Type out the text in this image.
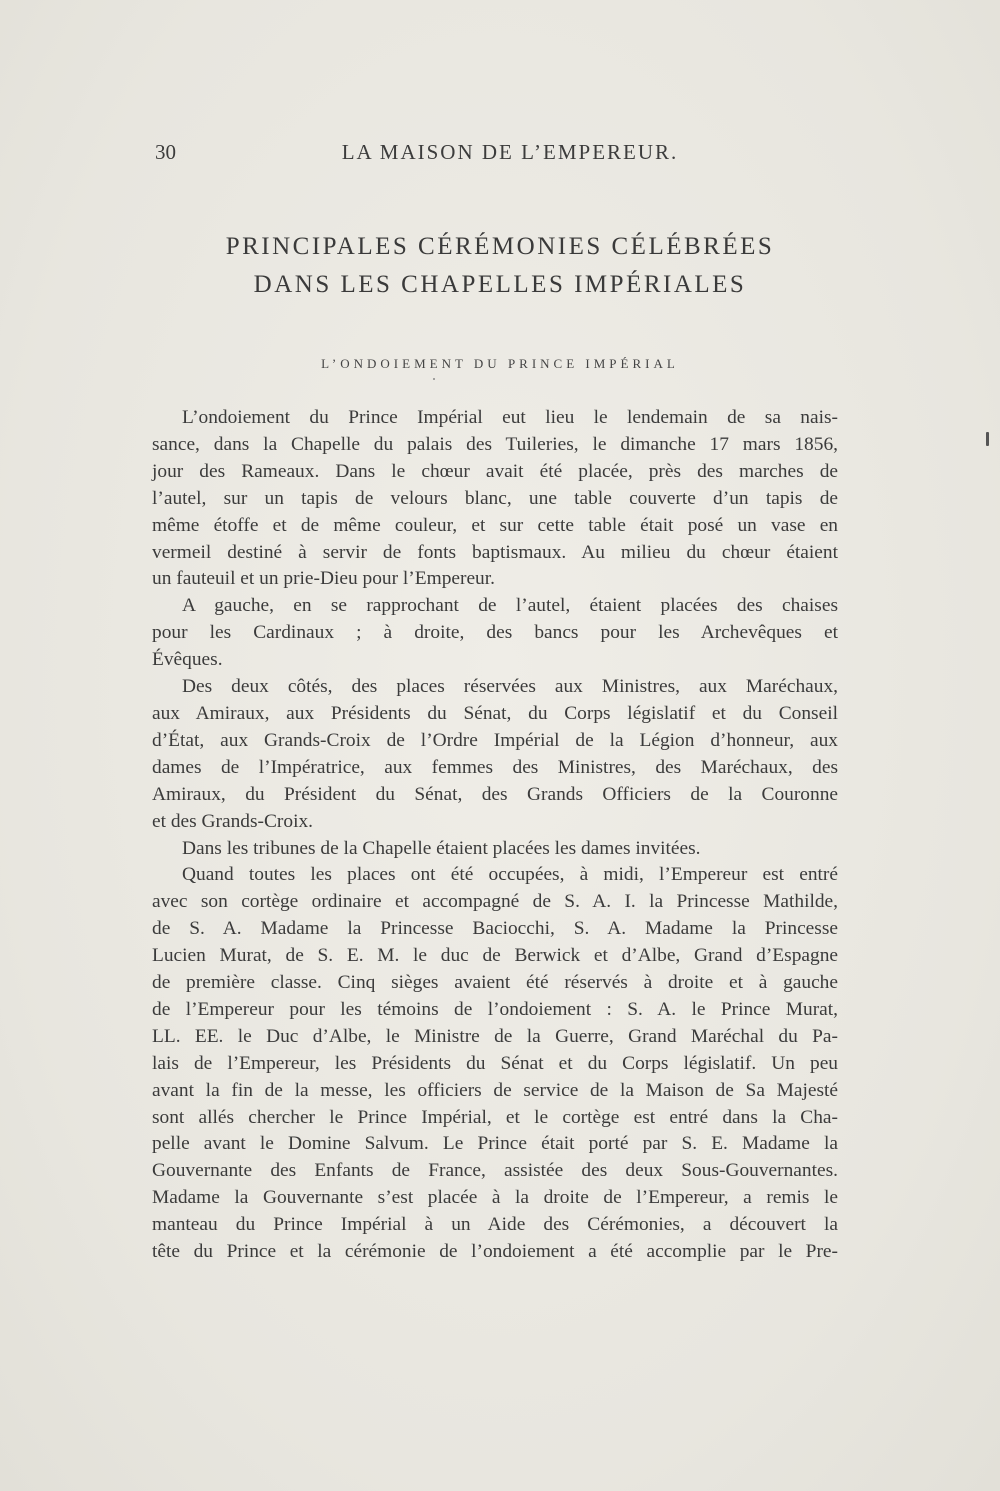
30	LA MAISON DE L’EMPEREUR.
PRINCIPALES CÉRÉMONIES CÉLÉBRÉES
DANS LES CHAPELLES IMPÉRIALES
L’ONDOIEMENT DU PRINCE IMPÉRIAL

L’ondoiement du Prince Impérial eut lieu le lendemain de sa nais-
sance, dans la Chapelle du palais des Tuileries, le dimanche 17 mars 1856,
jour des Rameaux. Dans le chœur avait été placée, près des marches de
l’autel, sur un tapis de velours blanc, une table couverte d’un tapis de
même étoffe et de même couleur, et sur cette table était posé un vase en
vermeil destiné à servir de fonts baptismaux. Au milieu du chœur étaient
un fauteuil et un prie-Dieu pour l’Empereur.

A gauche, en se rapprochant de l’autel, étaient placées des chaises
pour les Cardinaux ; à droite, des bancs pour les Archevêques et
Évêques.

Des deux côtés, des places réservées aux Ministres, aux Maréchaux,
aux Amiraux, aux Présidents du Sénat, du Corps législatif et du Conseil
d’État, aux Grands-Croix de l’Ordre Impérial de la Légion d’honneur, aux
dames de l’Impératrice, aux femmes des Ministres, des Maréchaux, des
Amiraux, du Président du Sénat, des Grands Officiers de la Couronne
et des Grands-Croix.

Dans les tribunes de la Chapelle étaient placées les dames invitées.

Quand toutes les places ont été occupées, à midi, l’Empereur est entré
avec son cortège ordinaire et accompagné de S. A. I. la Princesse Mathilde,
de S. A. Madame la Princesse Baciocchi, S. A. Madame la Princesse
Lucien Murat, de S. E. M. le duc de Berwick et d’Albe, Grand d’Espagne
de première classe. Cinq sièges avaient été réservés à droite et à gauche
de l’Empereur pour les témoins de l’ondoiement : S. A. le Prince Murat,
LL. EE. le Duc d’Albe, le Ministre de la Guerre, Grand Maréchal du Pa-
lais de l’Empereur, les Présidents du Sénat et du Corps législatif. Un peu
avant la fin de la messe, les officiers de service de la Maison de Sa Majesté
sont allés chercher le Prince Impérial, et le cortège est entré dans la Cha-
pelle avant le Domine Salvum. Le Prince était porté par S. E. Madame la
Gouvernante des Enfants de France, assistée des deux Sous-Gouvernantes.
Madame la Gouvernante s’est placée à la droite de l’Empereur, a remis le
manteau du Prince Impérial à un Aide des Cérémonies, a découvert la
tête du Prince et la cérémonie de l’ondoiement a été accomplie par le Pre-
